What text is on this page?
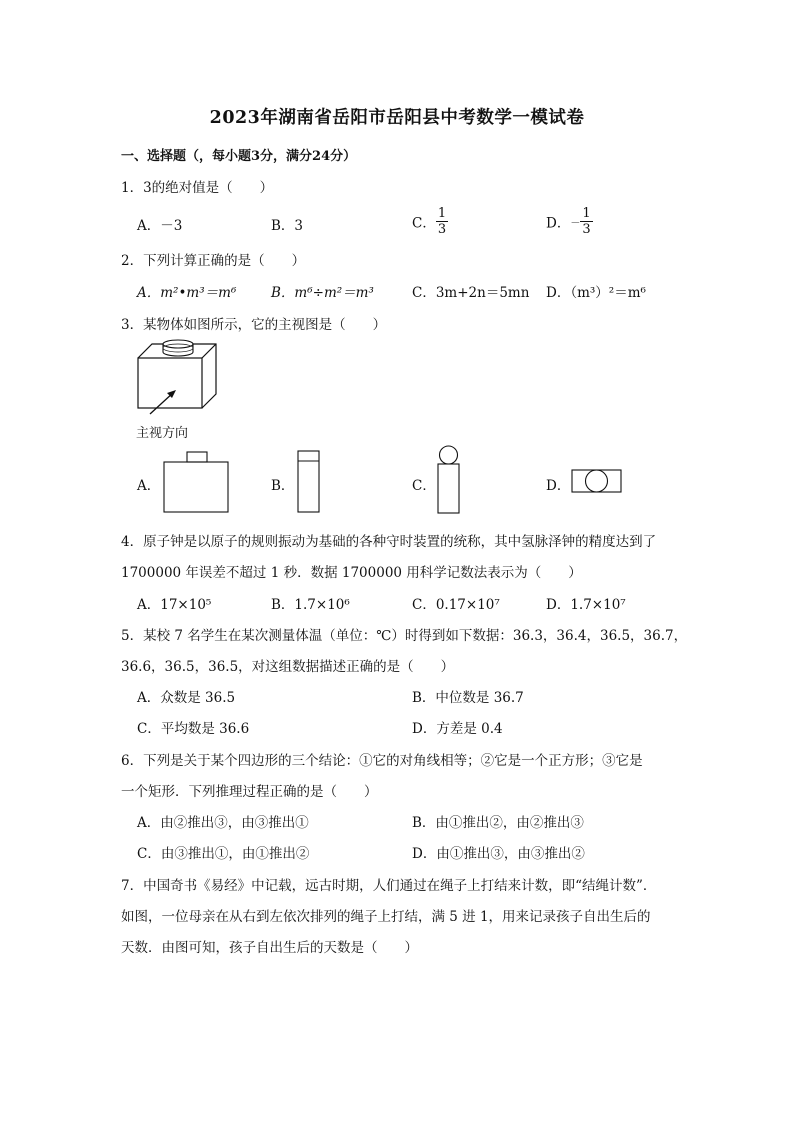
2023年湖南省岳阳市岳阳县中考数学一模试卷
一、选择题（，每小题3分，满分24分）
1．3的绝对值是（　　）
A．－3	B．3	C． $\frac{1}{3}$	D．－ $\frac{1}{3}$
2．下列计算正确的是（　　）
A．m²•m³＝m⁶	B．m⁶÷m²＝m³	C．3m+2n＝5mn D．（m³）²＝m⁶
3．某物体如图所示，它的主视图是（　　）
主视方向
A．	B．	C．	D．
4．原子钟是以原子的规则振动为基础的各种守时装置的统称，其中氢脉泽钟的精度达到了
1700000 年误差不超过 1 秒．数据 1700000 用科学记数法表示为（　　）
A．17×10⁵	B．1.7×10⁶	C．0.17×10⁷	D．1.7×10⁷
5．某校 7 名学生在某次测量体温（单位：℃）时得到如下数据：36.3，36.4，36.5，36.7，
36.6，36.5，36.5，对这组数据描述正确的是（　　）
A．众数是 36.5	B．中位数是 36.7
C．平均数是 36.6	D．方差是 0.4
6．下列是关于某个四边形的三个结论：①它的对角线相等；②它是一个正方形；③它是
一个矩形．下列推理过程正确的是（　　）
A．由②推出③，由③推出①	B．由①推出②，由②推出③
C．由③推出①，由①推出②	D．由①推出③，由③推出②
7．中国奇书《易经》中记载，远古时期，人们通过在绳子上打结来计数，即“结绳计数”．
如图，一位母亲在从右到左依次排列的绳子上打结，满 5 进 1，用来记录孩子自出生后的
天数．由图可知，孩子自出生后的天数是（　　）
